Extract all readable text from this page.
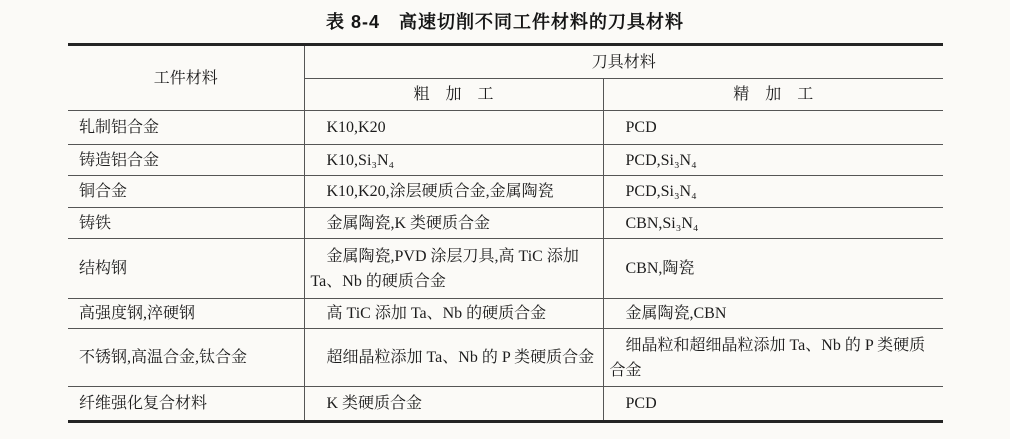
表 8-4　高速切削不同工件材料的刀具材料
工件材料	刀具材料	
	粗　加　工	精　加　工
轧制铝合金	K10,K20	PCD
铸造铝合金	K10,Si₃N₄	PCD,Si₃N₄
铜合金	K10,K20,涂层硬质合金,金属陶瓷	PCD,Si₃N₄
铸铁	金属陶瓷,K 类硬质合金	CBN,Si₃N₄
结构钢	金属陶瓷,PVD 涂层刀具,高 TiC 添加 Ta、Nb 的硬质合金	CBN,陶瓷
高强度钢,淬硬钢	高 TiC 添加 Ta、Nb 的硬质合金	金属陶瓷,CBN
不锈钢,高温合金,钛合金	超细晶粒添加 Ta、Nb 的 P 类硬质合金	细晶粒和超细晶粒添加 Ta、Nb 的 P 类硬质合金
纤维强化复合材料	K 类硬质合金	PCD
